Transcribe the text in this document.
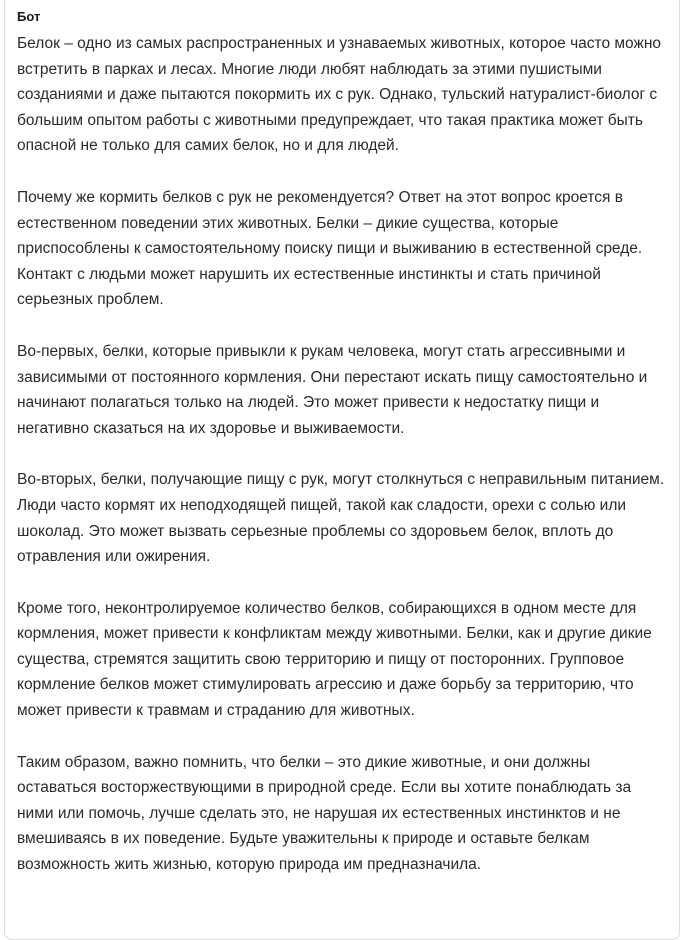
Бот

Белок – одно из самых распространенных и узнаваемых животных, которое часто можно встретить в парках и лесах. Многие люди любят наблюдать за этими пушистыми созданиями и даже пытаются покормить их с рук. Однако, тульский натуралист-биолог с большим опытом работы с животными предупреждает, что такая практика может быть опасной не только для самих белок, но и для людей.

Почему же кормить белков с рук не рекомендуется? Ответ на этот вопрос кроется в естественном поведении этих животных. Белки – дикие существа, которые приспособлены к самостоятельному поиску пищи и выживанию в естественной среде. Контакт с людьми может нарушить их естественные инстинкты и стать причиной серьезных проблем.

Во-первых, белки, которые привыкли к рукам человека, могут стать агрессивными и зависимыми от постоянного кормления. Они перестают искать пищу самостоятельно и начинают полагаться только на людей. Это может привести к недостатку пищи и негативно сказаться на их здоровье и выживаемости.

Во-вторых, белки, получающие пищу с рук, могут столкнуться с неправильным питанием. Люди часто кормят их неподходящей пищей, такой как сладости, орехи с солью или шоколад. Это может вызвать серьезные проблемы со здоровьем белок, вплоть до отравления или ожирения.

Кроме того, неконтролируемое количество белков, собирающихся в одном месте для кормления, может привести к конфликтам между животными. Белки, как и другие дикие существа, стремятся защитить свою территорию и пищу от посторонних. Групповое кормление белков может стимулировать агрессию и даже борьбу за территорию, что может привести к травмам и страданию для животных.

Таким образом, важно помнить, что белки – это дикие животные, и они должны оставаться восторжествующими в природной среде. Если вы хотите понаблюдать за ними или помочь, лучше сделать это, не нарушая их естественных инстинктов и не вмешиваясь в их поведение. Будьте уважительны к природе и оставьте белкам возможность жить жизнью, которую природа им предназначила.
